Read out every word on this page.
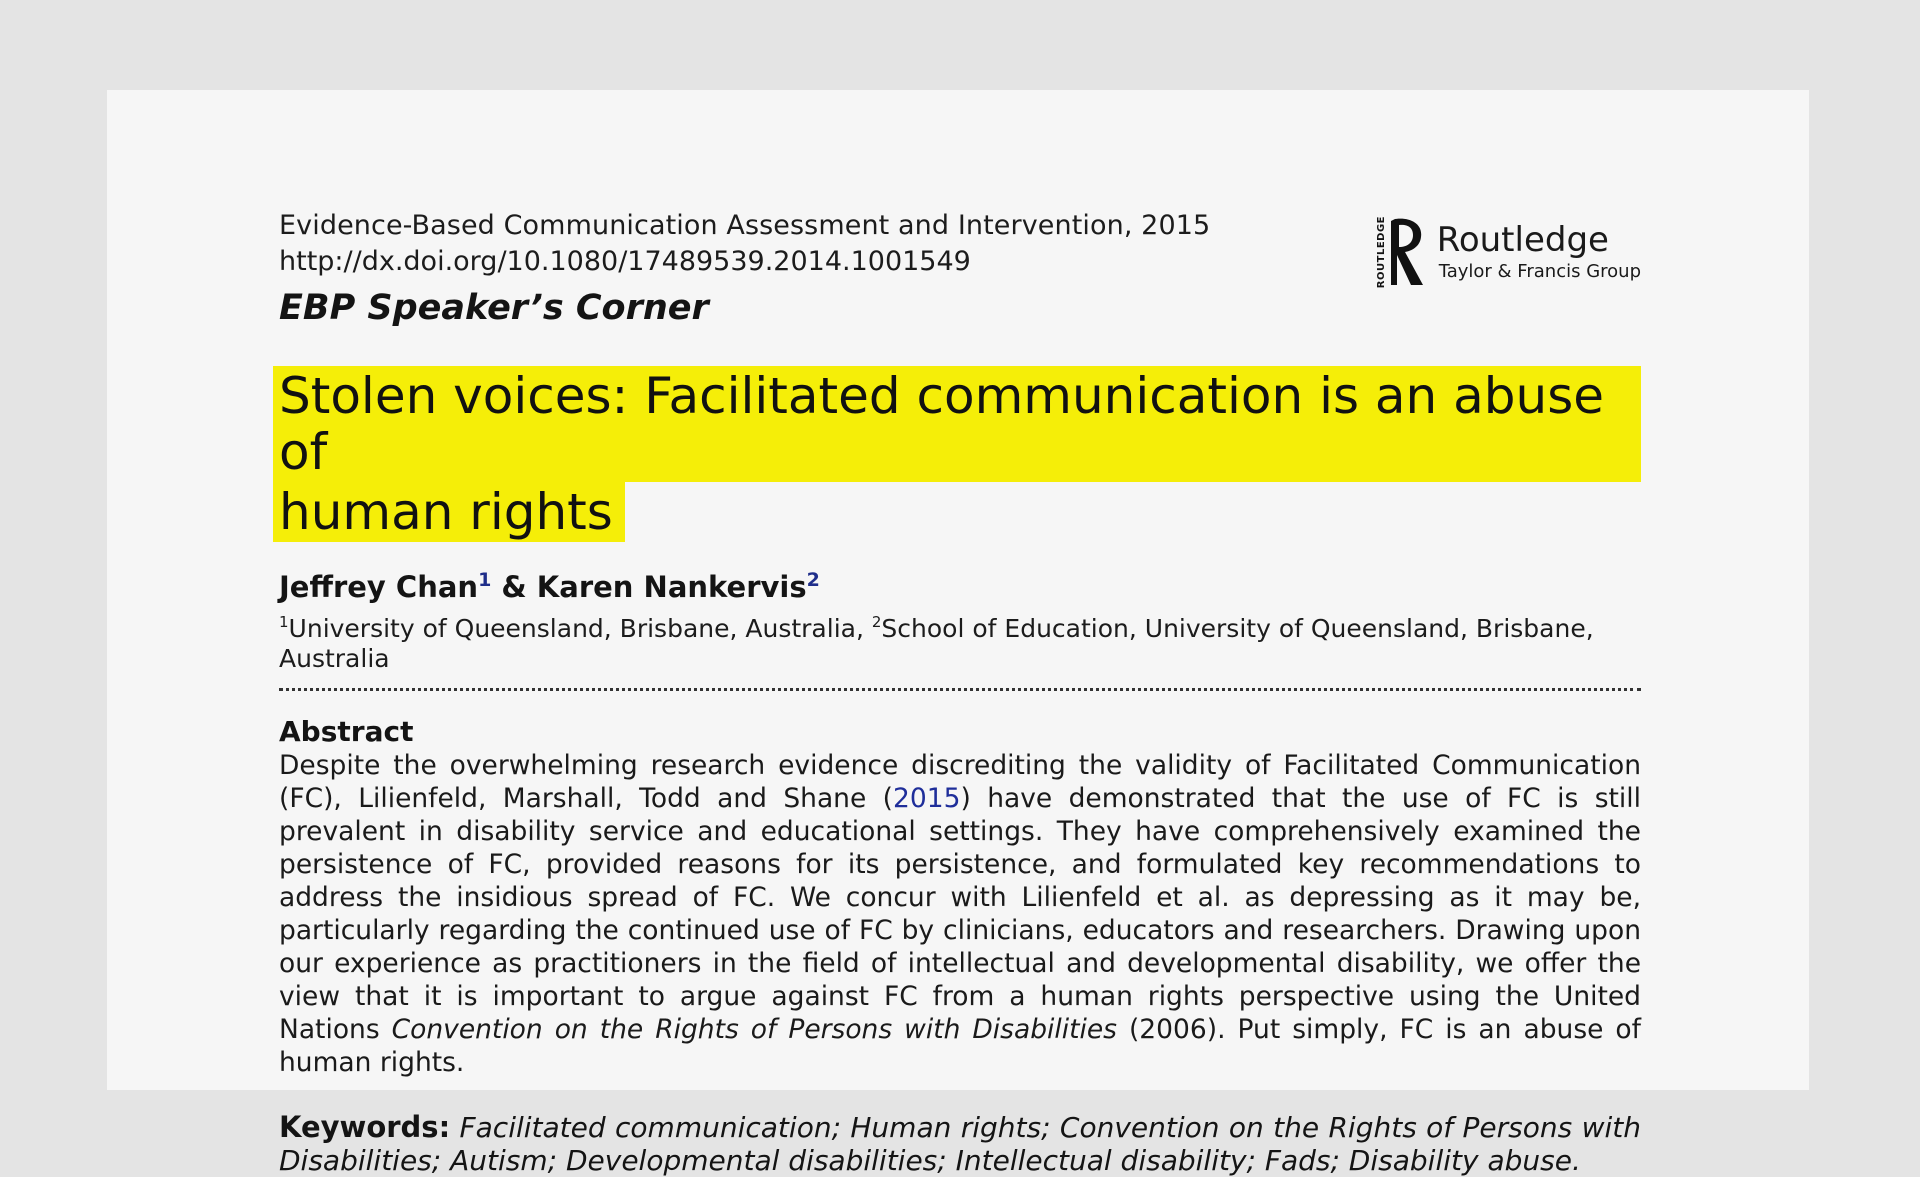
ROUTLEDGE Routledge
Taylor & Francis Group

Evidence-Based Communication Assessment and Intervention, 2015

http://dx.doi.org/10.1080/17489539.2014.1001549

EBP Speaker’s Corner

Stolen voices: Facilitated communication is an abuse of
human rights
Jeffrey Chan$^1$ & Karen Nankervis$^2$
$^1$University of Queensland, Brisbane, Australia, $^2$School of Education, University of Queensland, Brisbane, Australia
Abstract

Despite the overwhelming research evidence discrediting the validity of Facilitated Communication (FC), Lilienfeld, Marshall, Todd and Shane (2015) have demonstrated that the use of FC is still prevalent in disability service and educational settings. They have comprehensively examined the persistence of FC, provided reasons for its persistence, and formulated key recommendations to address the insidious spread of FC. We concur with Lilienfeld et al. as depressing as it may be, particularly regarding the continued use of FC by clinicians, educators and researchers. Drawing upon our experience as practitioners in the field of intellectual and developmental disability, we offer the view that it is important to argue against FC from a human rights perspective using the United Nations Convention on the Rights of Persons with Disabilities (2006). Put simply, FC is an abuse of human rights.

Keywords: Facilitated communication; Human rights; Convention on the Rights of Persons with Disabilities; Autism; Developmental disabilities; Intellectual disability; Fads; Disability abuse.
